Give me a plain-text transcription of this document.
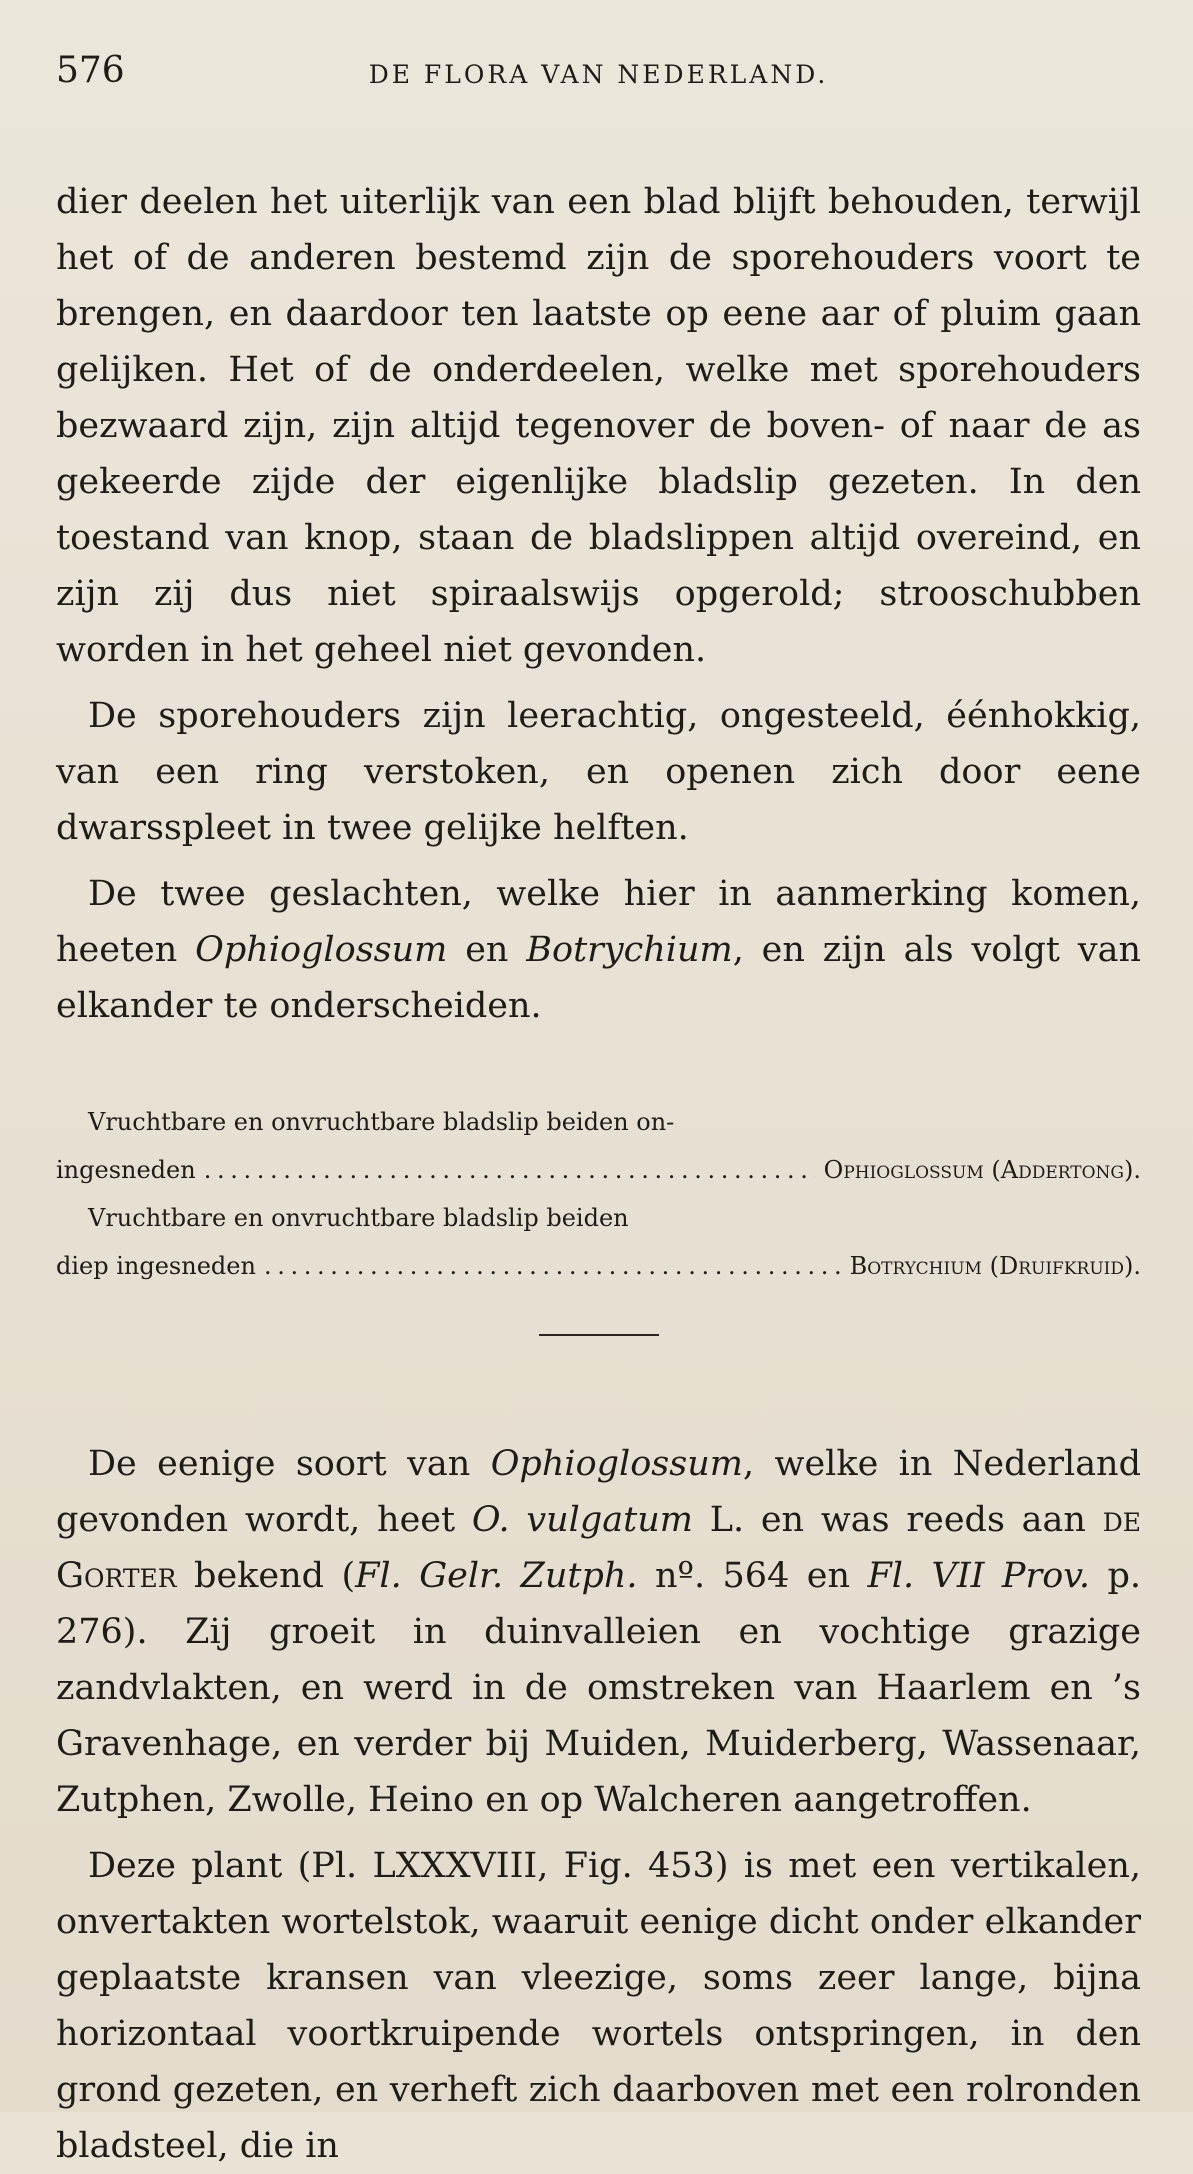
576	DE FLORA VAN NEDERLAND.

dier deelen het uiterlijk van een blad blijft behouden, terwijl het of de anderen bestemd zijn de sporehouders voort te brengen, en daardoor ten laatste op eene aar of pluim gaan gelijken. Het of de onderdeelen, welke met sporehouders bezwaard zijn, zijn altijd tegenover de boven- of naar de as gekeerde zijde der eigenlijke bladslip gezeten. In den toestand van knop, staan de bladslippen altijd overeind, en zijn zij dus niet spiraalswijs opgerold; strooschubben worden in het geheel niet gevonden.

De sporehouders zijn leerachtig, ongesteeld, éénhokkig, van een ring verstoken, en openen zich door eene dwarsspleet in twee gelijke helften.

De twee geslachten, welke hier in aanmerking komen, heeten Ophioglossum en Botrychium, en zijn als volgt van elkander te onderscheiden.

Vruchtbare en onvruchtbare bladslip beiden on-
ingesneden . . .	Ophioglossum (Addertong).
Vruchtbare en onvruchtbare bladslip beiden
diep ingesneden . . .	Botrychium (Druifkruid).

De eenige soort van Ophioglossum, welke in Nederland gevonden wordt, heet O. vulgatum L. en was reeds aan de Gorter bekend (Fl. Gelr. Zutph. nº. 564 en Fl. VII Prov. p. 276). Zij groeit in duinvalleien en vochtige grazige zandvlakten, en werd in de omstreken van Haarlem en ’s Gravenhage, en verder bij Muiden, Muiderberg, Wassenaar, Zutphen, Zwolle, Heino en op Walcheren aangetroffen.

Deze plant (Pl. LXXXVIII, Fig. 453) is met een vertikalen, onvertakten wortelstok, waaruit eenige dicht onder elkander geplaatste kransen van vleezige, soms zeer lange, bijna horizontaal voortkruipende wortels ontspringen, in den grond gezeten, en verheft zich daarboven met een rolronden bladsteel, die in
